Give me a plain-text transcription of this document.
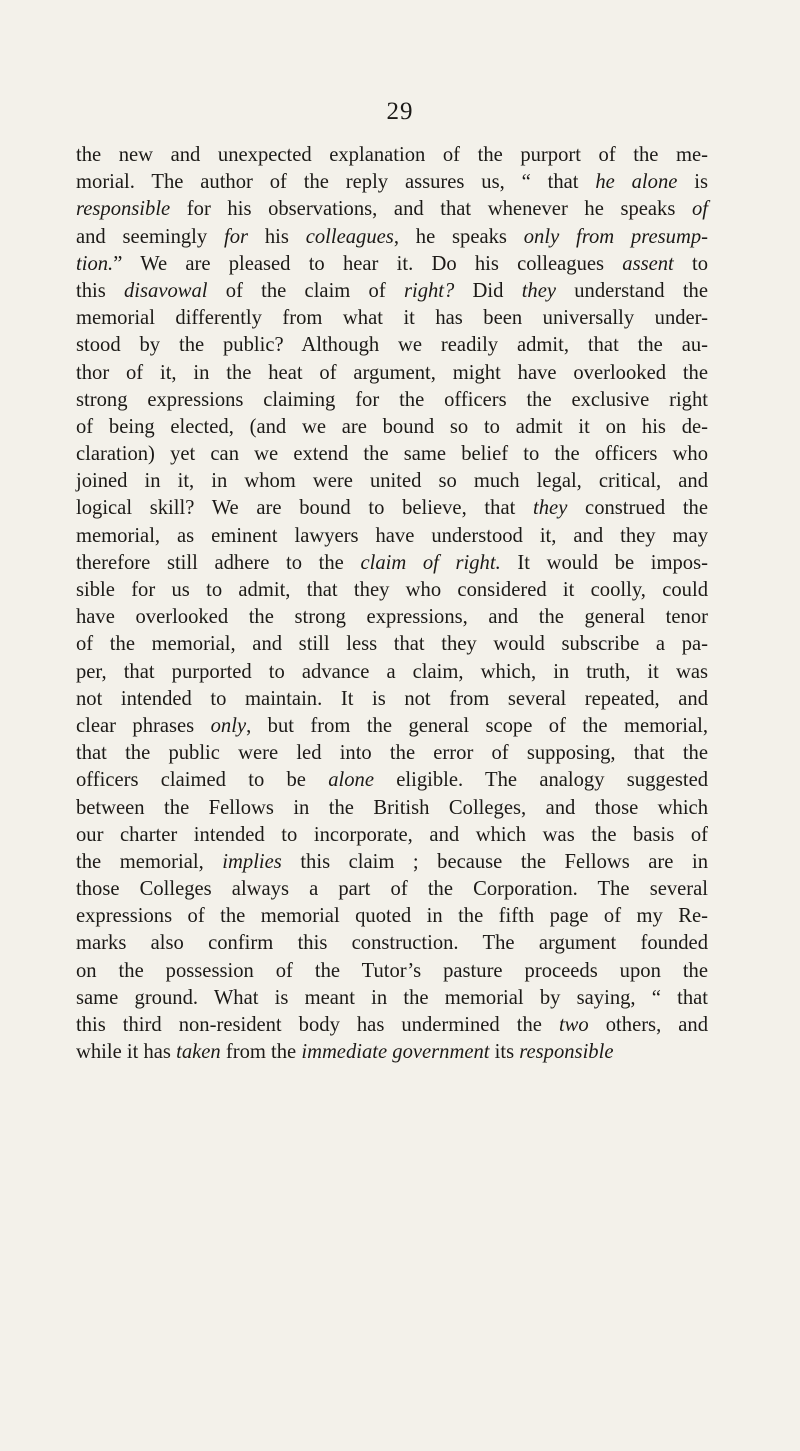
29
the new and unexpected explanation of the purport of the me-
morial. The author of the reply assures us, “ that he alone is
responsible for his observations, and that whenever he speaks of
and seemingly for his colleagues, he speaks only from presump-
tion.” We are pleased to hear it. Do his colleagues assent to
this disavowal of the claim of right? Did they understand the
memorial differently from what it has been universally under-
stood by the public? Although we readily admit, that the au-
thor of it, in the heat of argument, might have overlooked the
strong expressions claiming for the officers the exclusive right
of being elected, (and we are bound so to admit it on his de-
claration) yet can we extend the same belief to the officers who
joined in it, in whom were united so much legal, critical, and
logical skill? We are bound to believe, that they construed the
memorial, as eminent lawyers have understood it, and they may
therefore still adhere to the claim of right. It would be impos-
sible for us to admit, that they who considered it coolly, could
have overlooked the strong expressions, and the general tenor
of the memorial, and still less that they would subscribe a pa-
per, that purported to advance a claim, which, in truth, it was
not intended to maintain. It is not from several repeated, and
clear phrases only, but from the general scope of the memorial,
that the public were led into the error of supposing, that the
officers claimed to be alone eligible. The analogy suggested
between the Fellows in the British Colleges, and those which
our charter intended to incorporate, and which was the basis of
the memorial, implies this claim ; because the Fellows are in
those Colleges always a part of the Corporation. The several
expressions of the memorial quoted in the fifth page of my Re-
marks also confirm this construction. The argument founded
on the possession of the Tutor’s pasture proceeds upon the
same ground. What is meant in the memorial by saying, “ that
this third non-resident body has undermined the two others, and
while it has taken from the immediate government its responsible
